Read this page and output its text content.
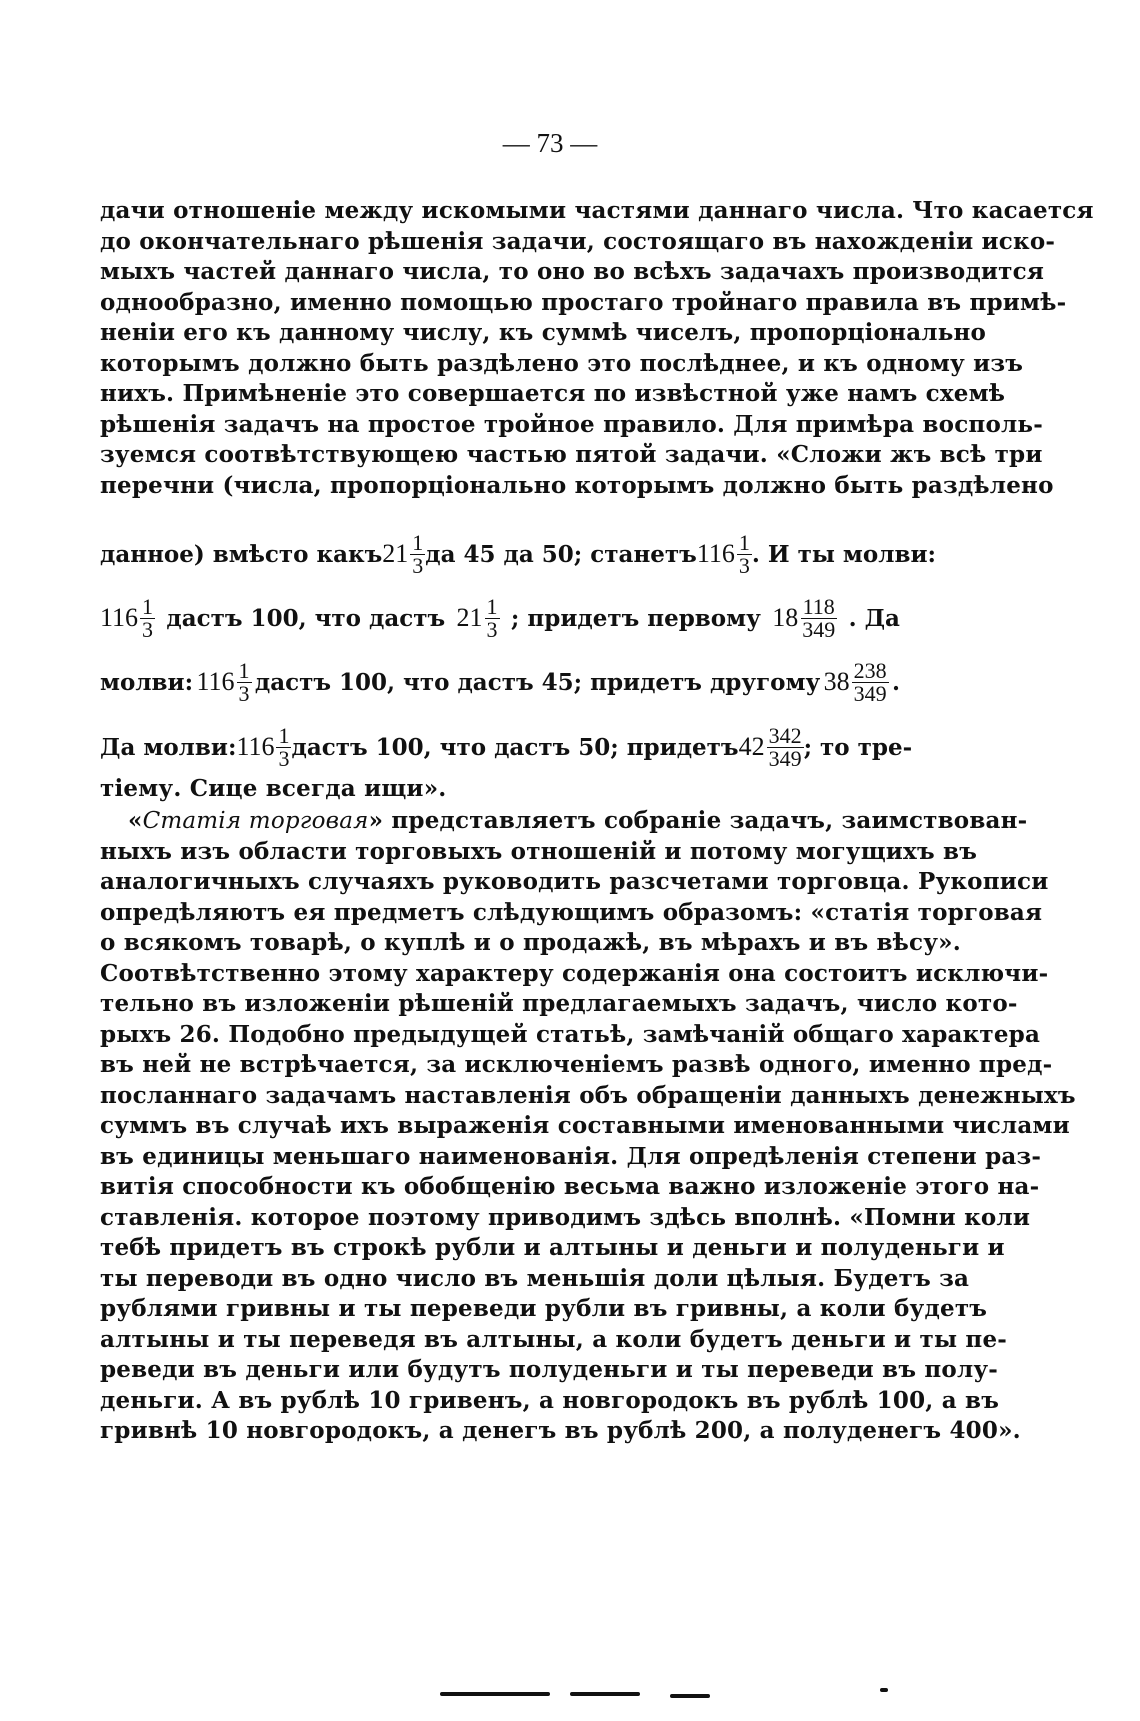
— 73 —
дачи отношеніе между искомыми частями даннаго числа. Что касается
до окончательнаго рѣшенія задачи, состоящаго въ нахожденіи иско-
мыхъ частей даннаго числа, то оно во всѣхъ задачахъ производится
однообразно, именно помощью простаго тройнаго правила въ примѣ-
неніи его къ данному числу, къ суммѣ чиселъ, пропорціонально
которымъ должно быть раздѣлено это послѣднее, и къ одному изъ
нихъ. Примѣненіе это совершается по извѣстной уже намъ схемѣ
рѣшенія задачъ на простое тройное правило. Для примѣра восполь-
зуемся соотвѣтствующею частью пятой задачи. «Сложи жъ всѣ три
перечни (числа, пропорціонально которымъ должно быть раздѣлено
данное) вмѣсто какъ $21 \frac{1}{3}$ да 45 да 50; станетъ $116 \frac{1}{3}$ . И ты молви:
$116 \frac{1}{3}$ дастъ 100, что дастъ $21 \frac{1}{3}$ ; придетъ первому $18 \frac{118}{349}$ . Да
молви: $116 \frac{1}{3}$ дастъ 100, что дастъ 45; придетъ другому $38 \frac{238}{349}$ .
Да молви: $116 \frac{1}{3}$ дастъ 100, что дастъ 50; придетъ $42 \frac{342}{349}$ ; то тре-
тіему. Сице всегда ищи».
«Статія торговая» представляетъ собраніе задачъ, заимствован-
ныхъ изъ области торговыхъ отношеній и потому могущихъ въ
аналогичныхъ случаяхъ руководить разсчетами торговца. Рукописи
опредѣляютъ ея предметъ слѣдующимъ образомъ: «статія торговая
о всякомъ товарѣ, о куплѣ и о продажѣ, въ мѣрахъ и въ вѣсу».
Соотвѣтственно этому характеру содержанія она состоитъ исключи-
тельно въ изложеніи рѣшеній предлагаемыхъ задачъ, число кото-
рыхъ 26. Подобно предыдущей статьѣ, замѣчаній общаго характера
въ ней не встрѣчается, за исключеніемъ развѣ одного, именно пред-
посланнаго задачамъ наставленія объ обращеніи данныхъ денежныхъ
суммъ въ случаѣ ихъ выраженія составными именованными числами
въ единицы меньшаго наименованія. Для опредѣленія степени раз-
витія способности къ обобщенію весьма важно изложеніе этого на-
ставленія. которое поэтому приводимъ здѣсь вполнѣ. «Помни коли
тебѣ придетъ въ строкѣ рубли и алтыны и деньги и полуденьги и
ты переводи въ одно число въ меньшія доли цѣлыя. Будетъ за
рублями гривны и ты переведи рубли въ гривны, а коли будетъ
алтыны и ты переведя въ алтыны, а коли будетъ деньги и ты пе-
реведи въ деньги или будутъ полуденьги и ты переведи въ полу-
деньги. А въ рублѣ 10 гривенъ, а новгородокъ въ рублѣ 100, а въ
гривнѣ 10 новгородокъ, а денегъ въ рублѣ 200, а полуденегъ 400».
